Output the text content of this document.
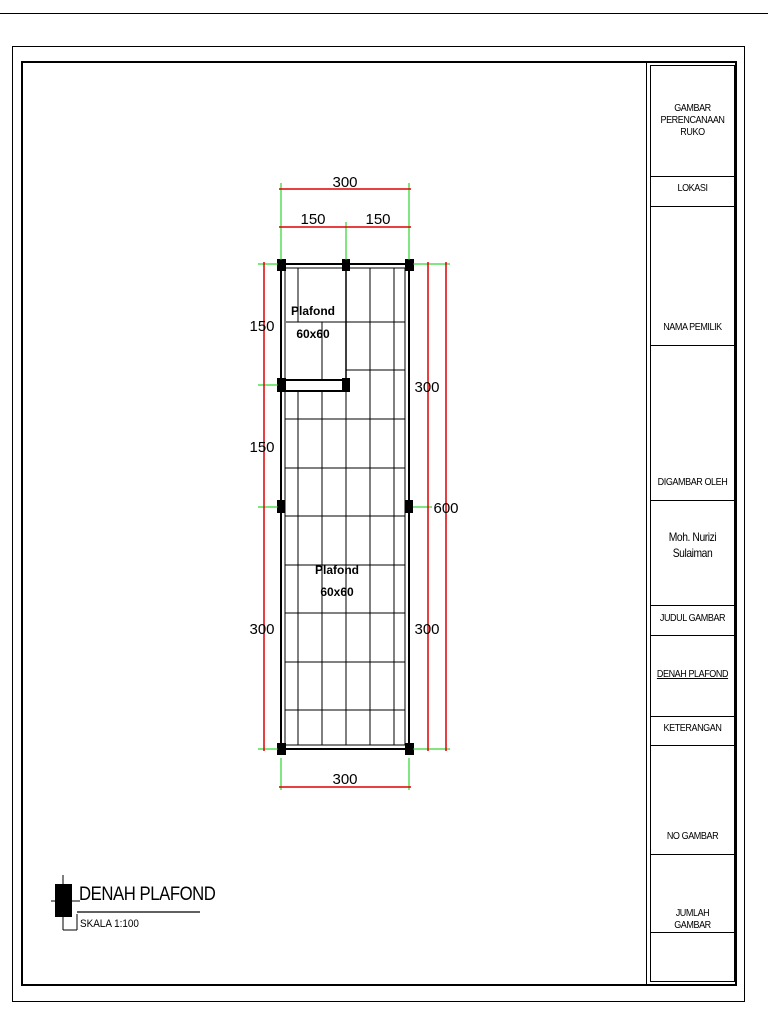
GAMBAR PERENCANAAN RUKO
LOKASI
NAMA PEMILIK
DIGAMBAR OLEH
Moh. Nurizi Sulaiman
JUDUL GAMBAR
DENAH PLAFOND
KETERANGAN
NO GAMBAR
JUMLAH GAMBAR
300
150	150
150
150
300
300
300
600
300
Plafond
60x60
Plafond
60x60
DENAH PLAFOND
SKALA 1:100
